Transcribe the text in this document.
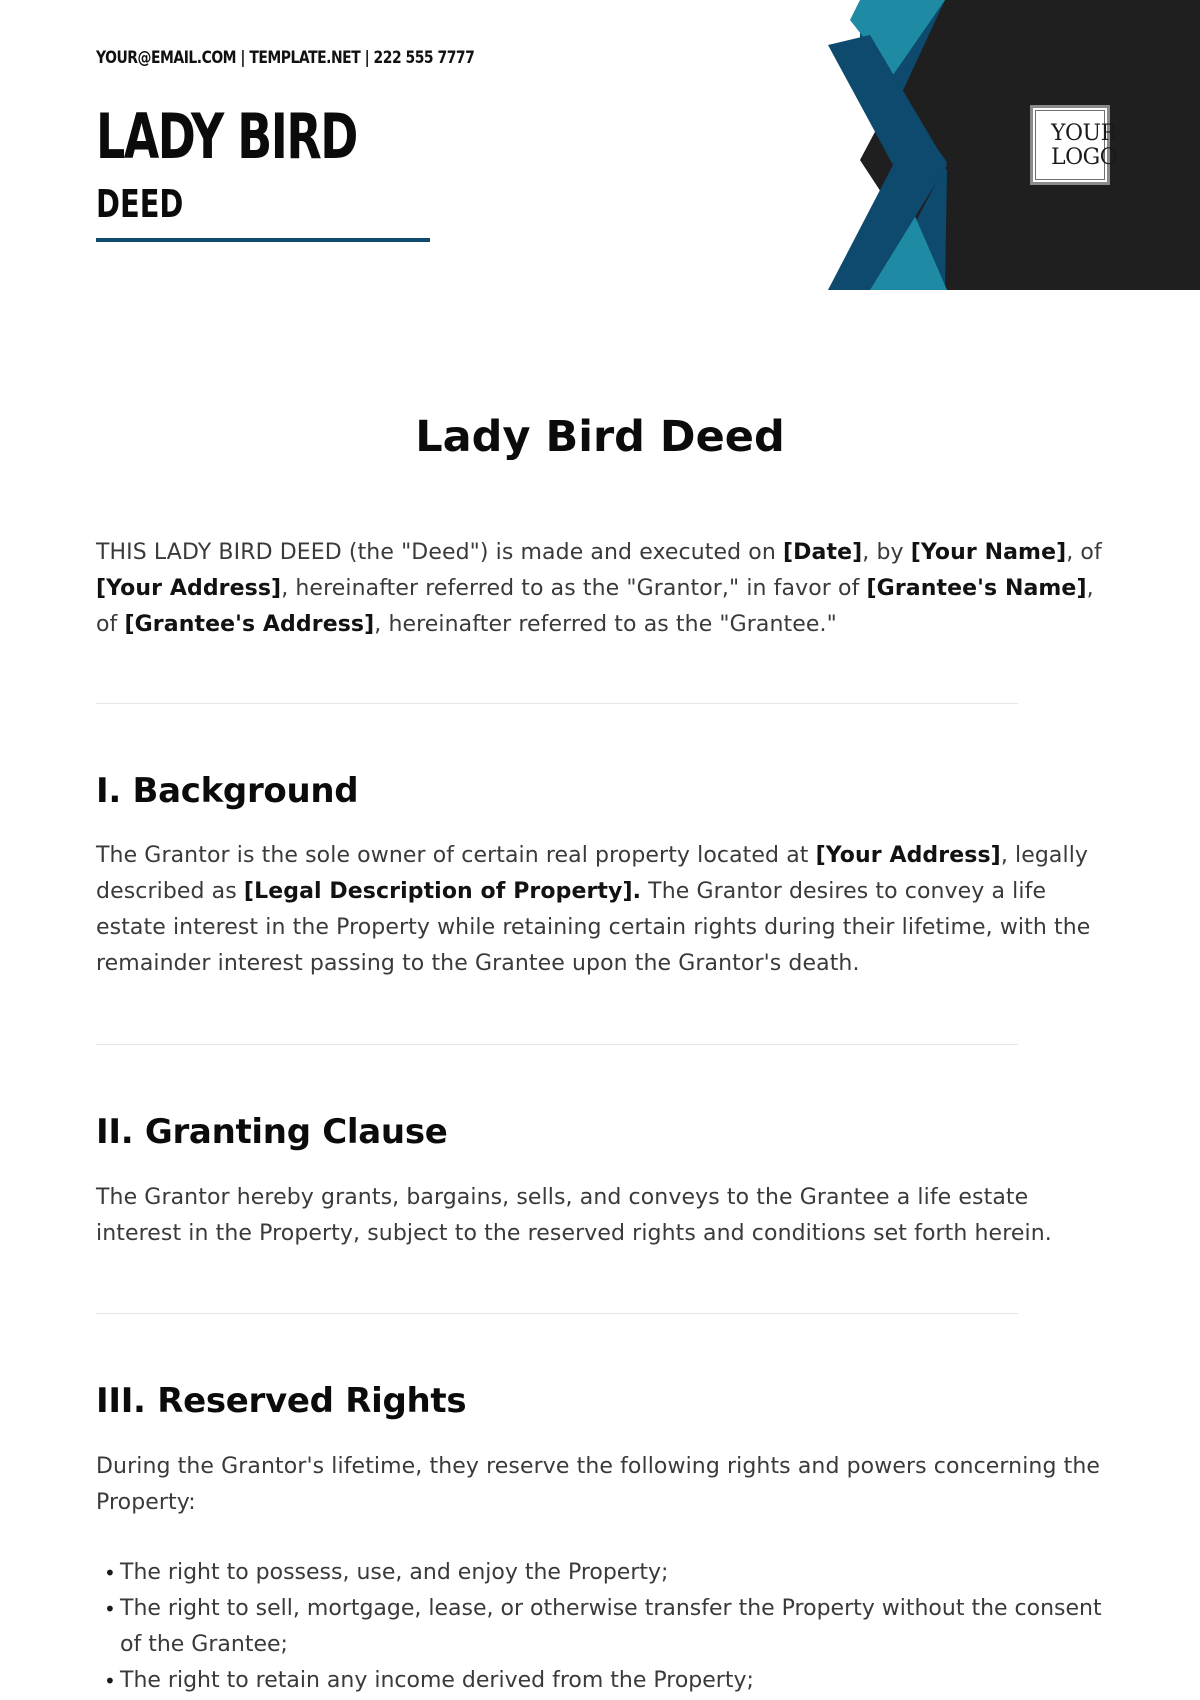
YOUR@EMAIL.COM | TEMPLATE.NET | 222 555 7777
LADY BIRD
DEED
YOUR
LOGO
Lady Bird Deed

THIS LADY BIRD DEED (the "Deed") is made and executed on [Date], by [Your Name], of [Your Address], hereinafter referred to as the "Grantor," in favor of [Grantee's Name], of [Grantee's Address], hereinafter referred to as the "Grantee."

I. Background

The Grantor is the sole owner of certain real property located at [Your Address], legally described as [Legal Description of Property]. The Grantor desires to convey a life estate interest in the Property while retaining certain rights during their lifetime, with the remainder interest passing to the Grantee upon the Grantor's death.

II. Granting Clause

The Grantor hereby grants, bargains, sells, and conveys to the Grantee a life estate interest in the Property, subject to the reserved rights and conditions set forth herein.

III. Reserved Rights

During the Grantor's lifetime, they reserve the following rights and powers concerning the Property:

• The right to possess, use, and enjoy the Property;
• The right to sell, mortgage, lease, or otherwise transfer the Property without the consent of the Grantee;
• The right to retain any income derived from the Property;
